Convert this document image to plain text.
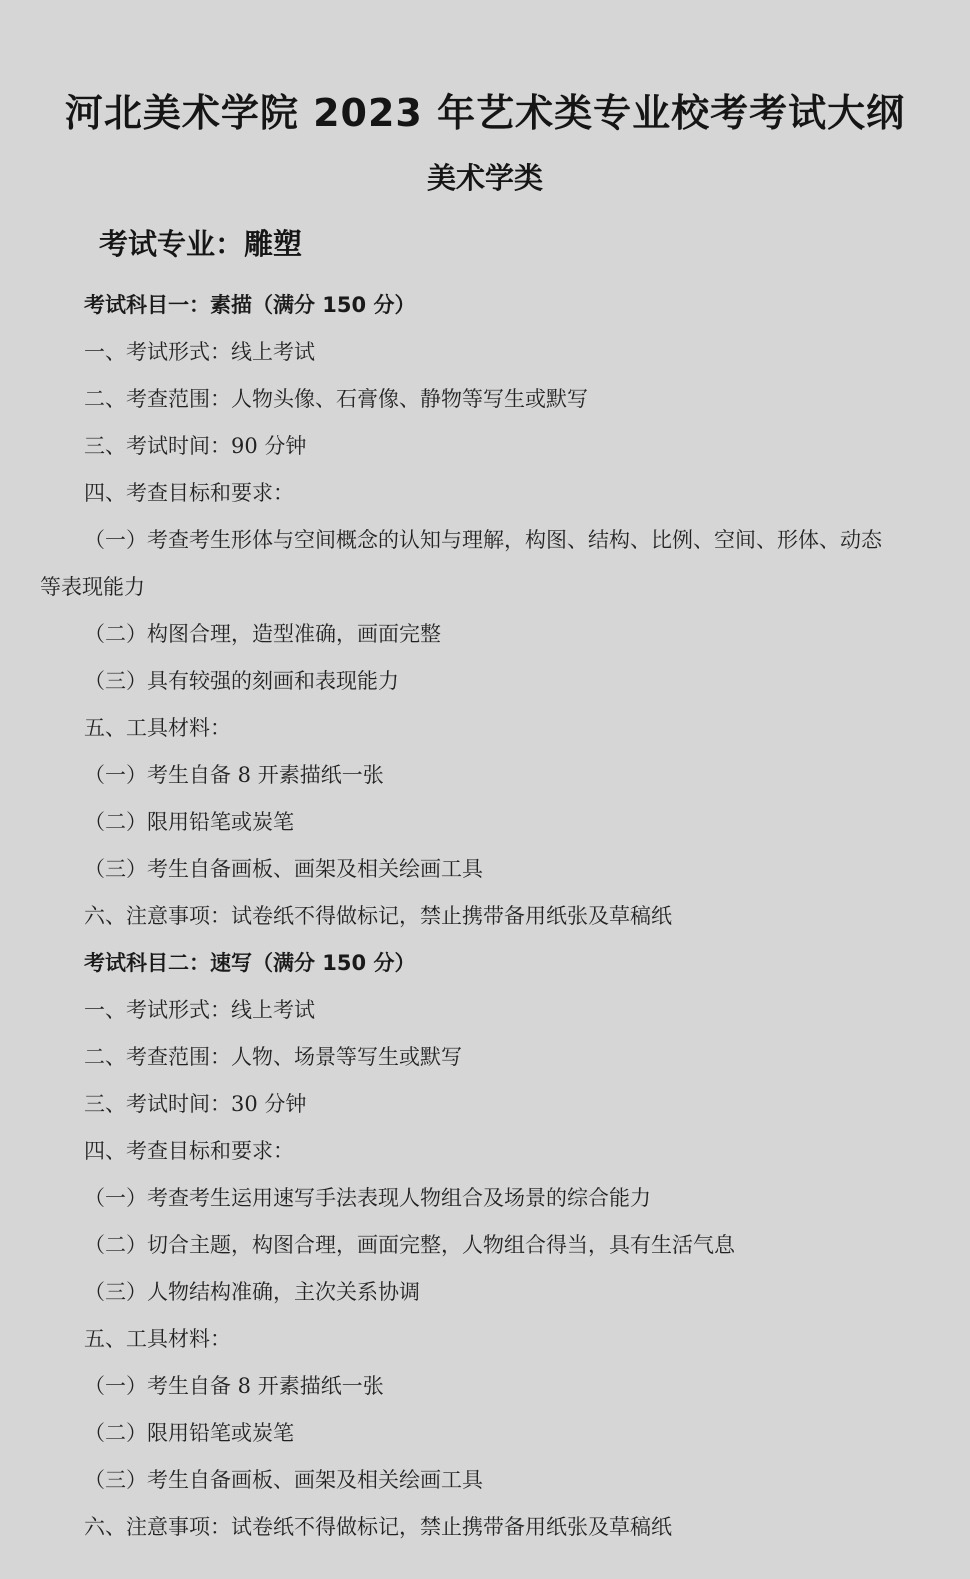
河北美术学院 2023 年艺术类专业校考考试大纲
美术学类
考试专业：雕塑
考试科目一：素描（满分 150 分）
一、考试形式：线上考试
二、考查范围：人物头像、石膏像、静物等写生或默写
三、考试时间：90 分钟
四、考查目标和要求：
（一）考查考生形体与空间概念的认知与理解，构图、结构、比例、空间、形体、动态
等表现能力
（二）构图合理，造型准确，画面完整
（三）具有较强的刻画和表现能力
五、工具材料：
（一）考生自备 8 开素描纸一张
（二）限用铅笔或炭笔
（三）考生自备画板、画架及相关绘画工具
六、注意事项：试卷纸不得做标记，禁止携带备用纸张及草稿纸
考试科目二：速写（满分 150 分）
一、考试形式：线上考试
二、考查范围：人物、场景等写生或默写
三、考试时间：30 分钟
四、考查目标和要求：
（一）考查考生运用速写手法表现人物组合及场景的综合能力
（二）切合主题，构图合理，画面完整，人物组合得当，具有生活气息
（三）人物结构准确，主次关系协调
五、工具材料：
（一）考生自备 8 开素描纸一张
（二）限用铅笔或炭笔
（三）考生自备画板、画架及相关绘画工具
六、注意事项：试卷纸不得做标记，禁止携带备用纸张及草稿纸
